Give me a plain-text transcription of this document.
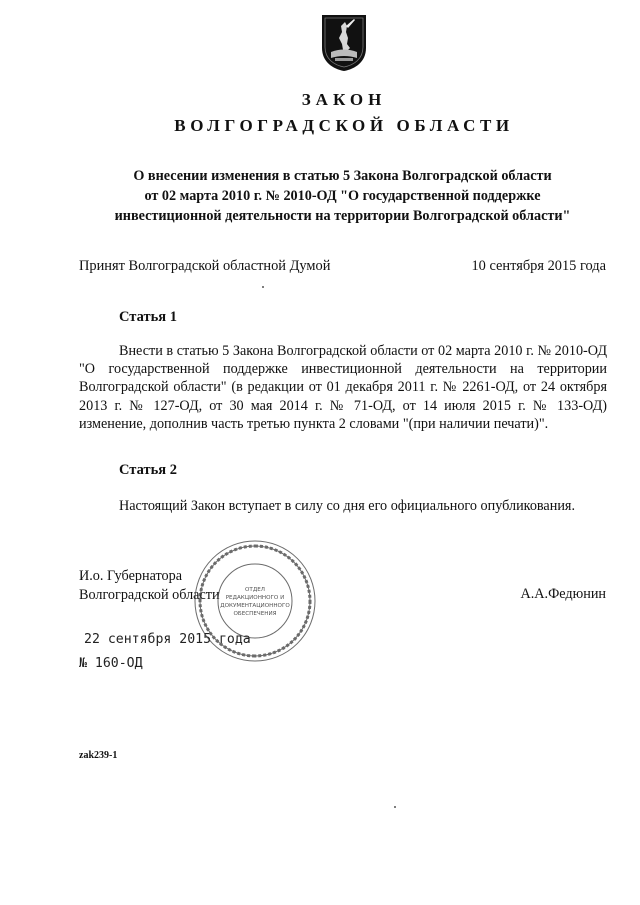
ЗАКОН
ВОЛГОГРАДСКОЙ ОБЛАСТИ
О внесении изменения в статью 5 Закона Волгоградской области
от 02 марта 2010 г. № 2010-ОД "О государственной поддержке
инвестиционной деятельности на территории Волгоградской области"
Принят Волгоградской областной Думой	10 сентября 2015 года
Статья 1
Внести в статью 5 Закона Волгоградской области от 02 марта 2010 г. № 2010-ОД "О государственной поддержке инвестиционной деятельности на территории Волгоградской области" (в редакции от 01 декабря 2011 г. № 2261-ОД, от 24 октября 2013 г. № 127-ОД, от 30 мая 2014 г. № 71-ОД, от 14 июля 2015 г. № 133-ОД) изменение, дополнив часть третью пункта 2 словами "(при наличии печати)".
Статья 2
Настоящий Закон вступает в силу со дня его официального опубликования.
И.о. Губернатора
Волгоградской области	А.А.Федюнин
22 сентября 2015 года
№ 160-ОД
ОТДЕЛ
РЕДАКЦИОННОГО И
ДОКУМЕНТАЦИОННОГО
ОБЕСПЕЧЕНИЯ
zak239-1
